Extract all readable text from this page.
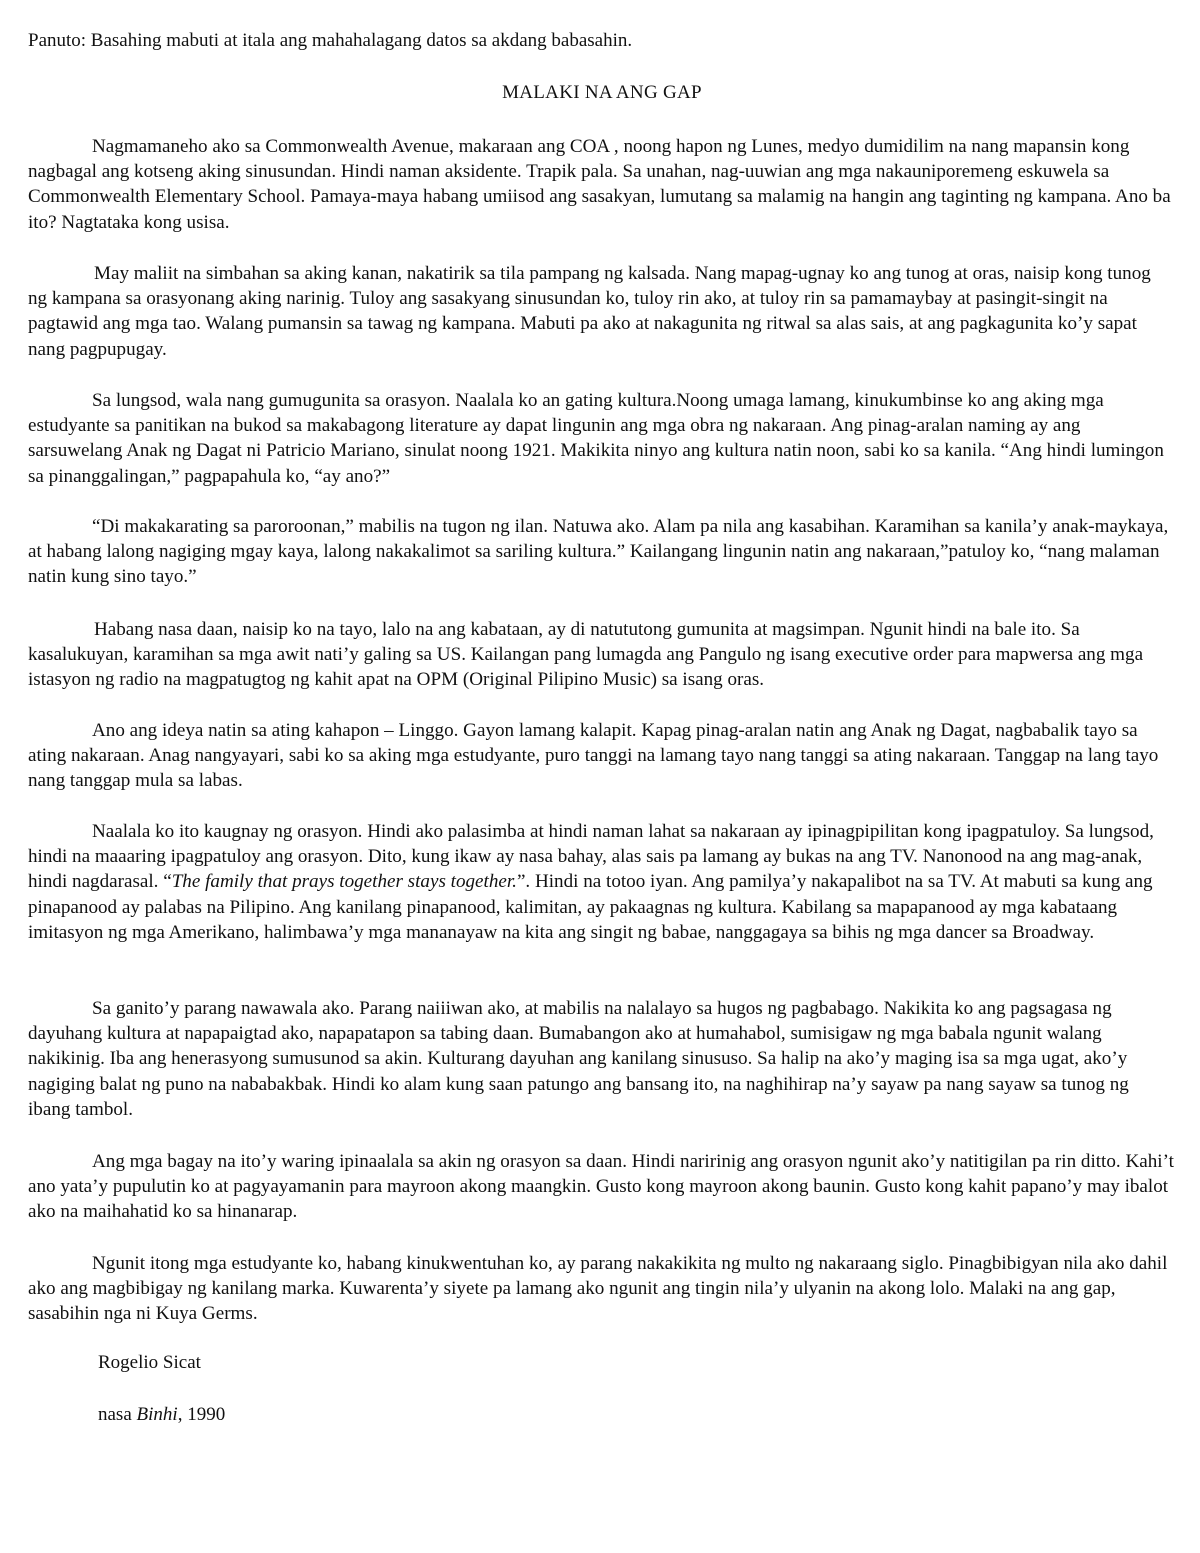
Panuto: Basahing mabuti at itala ang mahahalagang datos sa akdang babasahin.
MALAKI NA ANG GAP

Nagmamaneho ako sa Commonwealth Avenue, makaraan ang COA , noong hapon ng Lunes, medyo dumidilim na nang mapansin kong nagbagal ang kotseng aking sinusundan. Hindi naman aksidente. Trapik pala. Sa unahan, nag-uuwian ang mga nakauniporemeng eskuwela sa Commonwealth Elementary School. Pamaya-maya habang umiisod ang sasakyan, lumutang sa malamig na hangin ang taginting ng kampana. Ano ba ito? Nagtataka kong usisa.

May maliit na simbahan sa aking kanan, nakatirik sa tila pampang ng kalsada. Nang mapag-ugnay ko ang tunog at oras, naisip kong tunog ng kampana sa orasyonang aking narinig. Tuloy ang sasakyang sinusundan ko, tuloy rin ako, at tuloy rin sa pamamaybay at pasingit-singit na pagtawid ang mga tao. Walang pumansin sa tawag ng kampana. Mabuti pa ako at nakagunita ng ritwal sa alas sais, at ang pagkagunita ko’y sapat nang pagpupugay.

Sa lungsod, wala nang gumugunita sa orasyon. Naalala ko an gating kultura.Noong umaga lamang, kinukumbinse ko ang aking mga estudyante sa panitikan na bukod sa makabagong literature ay dapat lingunin ang mga obra ng nakaraan. Ang pinag-aralan naming ay ang sarsuwelang Anak ng Dagat ni Patricio Mariano, sinulat noong 1921. Makikita ninyo ang kultura natin noon, sabi ko sa kanila. “Ang hindi lumingon sa pinanggalingan,” pagpapahula ko, “ay ano?”

“Di makakarating sa paroroonan,” mabilis na tugon ng ilan. Natuwa ako. Alam pa nila ang kasabihan. Karamihan sa kanila’y anak-maykaya, at habang lalong nagiging mgay kaya, lalong nakakalimot sa sariling kultura.” Kailangang lingunin natin ang nakaraan,”patuloy ko, “nang malaman natin kung sino tayo.”

Habang nasa daan, naisip ko na tayo, lalo na ang kabataan, ay di natututong gumunita at magsimpan. Ngunit hindi na bale ito. Sa kasalukuyan, karamihan sa mga awit nati’y galing sa US. Kailangan pang lumagda ang Pangulo ng isang executive order para mapwersa ang mga istasyon ng radio na magpatugtog ng kahit apat na OPM (Original Pilipino Music) sa isang oras.

Ano ang ideya natin sa ating kahapon – Linggo. Gayon lamang kalapit. Kapag pinag-aralan natin ang Anak ng Dagat, nagbabalik tayo sa ating nakaraan. Anag nangyayari, sabi ko sa aking mga estudyante, puro tanggi na lamang tayo nang tanggi sa ating nakaraan. Tanggap na lang tayo nang tanggap mula sa labas.

Naalala ko ito kaugnay ng orasyon. Hindi ako palasimba at hindi naman lahat sa nakaraan ay ipinagpipilitan kong ipagpatuloy. Sa lungsod, hindi na maaaring ipagpatuloy ang orasyon. Dito, kung ikaw ay nasa bahay, alas sais pa lamang ay bukas na ang TV. Nanonood na ang mag-anak, hindi nagdarasal. “The family that prays together stays together.”. Hindi na totoo iyan. Ang pamilya’y nakapalibot na sa TV. At mabuti sa kung ang pinapanood ay palabas na Pilipino. Ang kanilang pinapanood, kalimitan, ay pakaagnas ng kultura. Kabilang sa mapapanood ay mga kabataang imitasyon ng mga Amerikano, halimbawa’y mga mananayaw na kita ang singit ng babae, nanggagaya sa bihis ng mga dancer sa Broadway.

Sa ganito’y parang nawawala ako. Parang naiiiwan ako, at mabilis na nalalayo sa hugos ng pagbabago. Nakikita ko ang pagsagasa ng dayuhang kultura at napapaigtad ako, napapatapon sa tabing daan. Bumabangon ako at humahabol, sumisigaw ng mga babala ngunit walang nakikinig. Iba ang henerasyong sumusunod sa akin. Kulturang dayuhan ang kanilang sinususo. Sa halip na ako’y maging isa sa mga ugat, ako’y nagiging balat ng puno na nababakbak. Hindi ko alam kung saan patungo ang bansang ito, na naghihirap na’y sayaw pa nang sayaw sa tunog ng ibang tambol.

Ang mga bagay na ito’y waring ipinaalala sa akin ng orasyon sa daan. Hindi naririnig ang orasyon ngunit ako’y natitigilan pa rin ditto. Kahi’t ano yata’y pupulutin ko at pagyayamanin para mayroon akong maangkin. Gusto kong mayroon akong baunin. Gusto kong kahit papano’y may ibalot ako na maihahatid ko sa hinanarap.

Ngunit itong mga estudyante ko, habang kinukwentuhan ko, ay parang nakakikita ng multo ng nakaraang siglo. Pinagbibigyan nila ako dahil ako ang magbibigay ng kanilang marka. Kuwarenta’y siyete pa lamang ako ngunit ang tingin nila’y ulyanin na akong lolo. Malaki na ang gap, sasabihin nga ni Kuya Germs.

Rogelio Sicat
nasa Binhi, 1990
